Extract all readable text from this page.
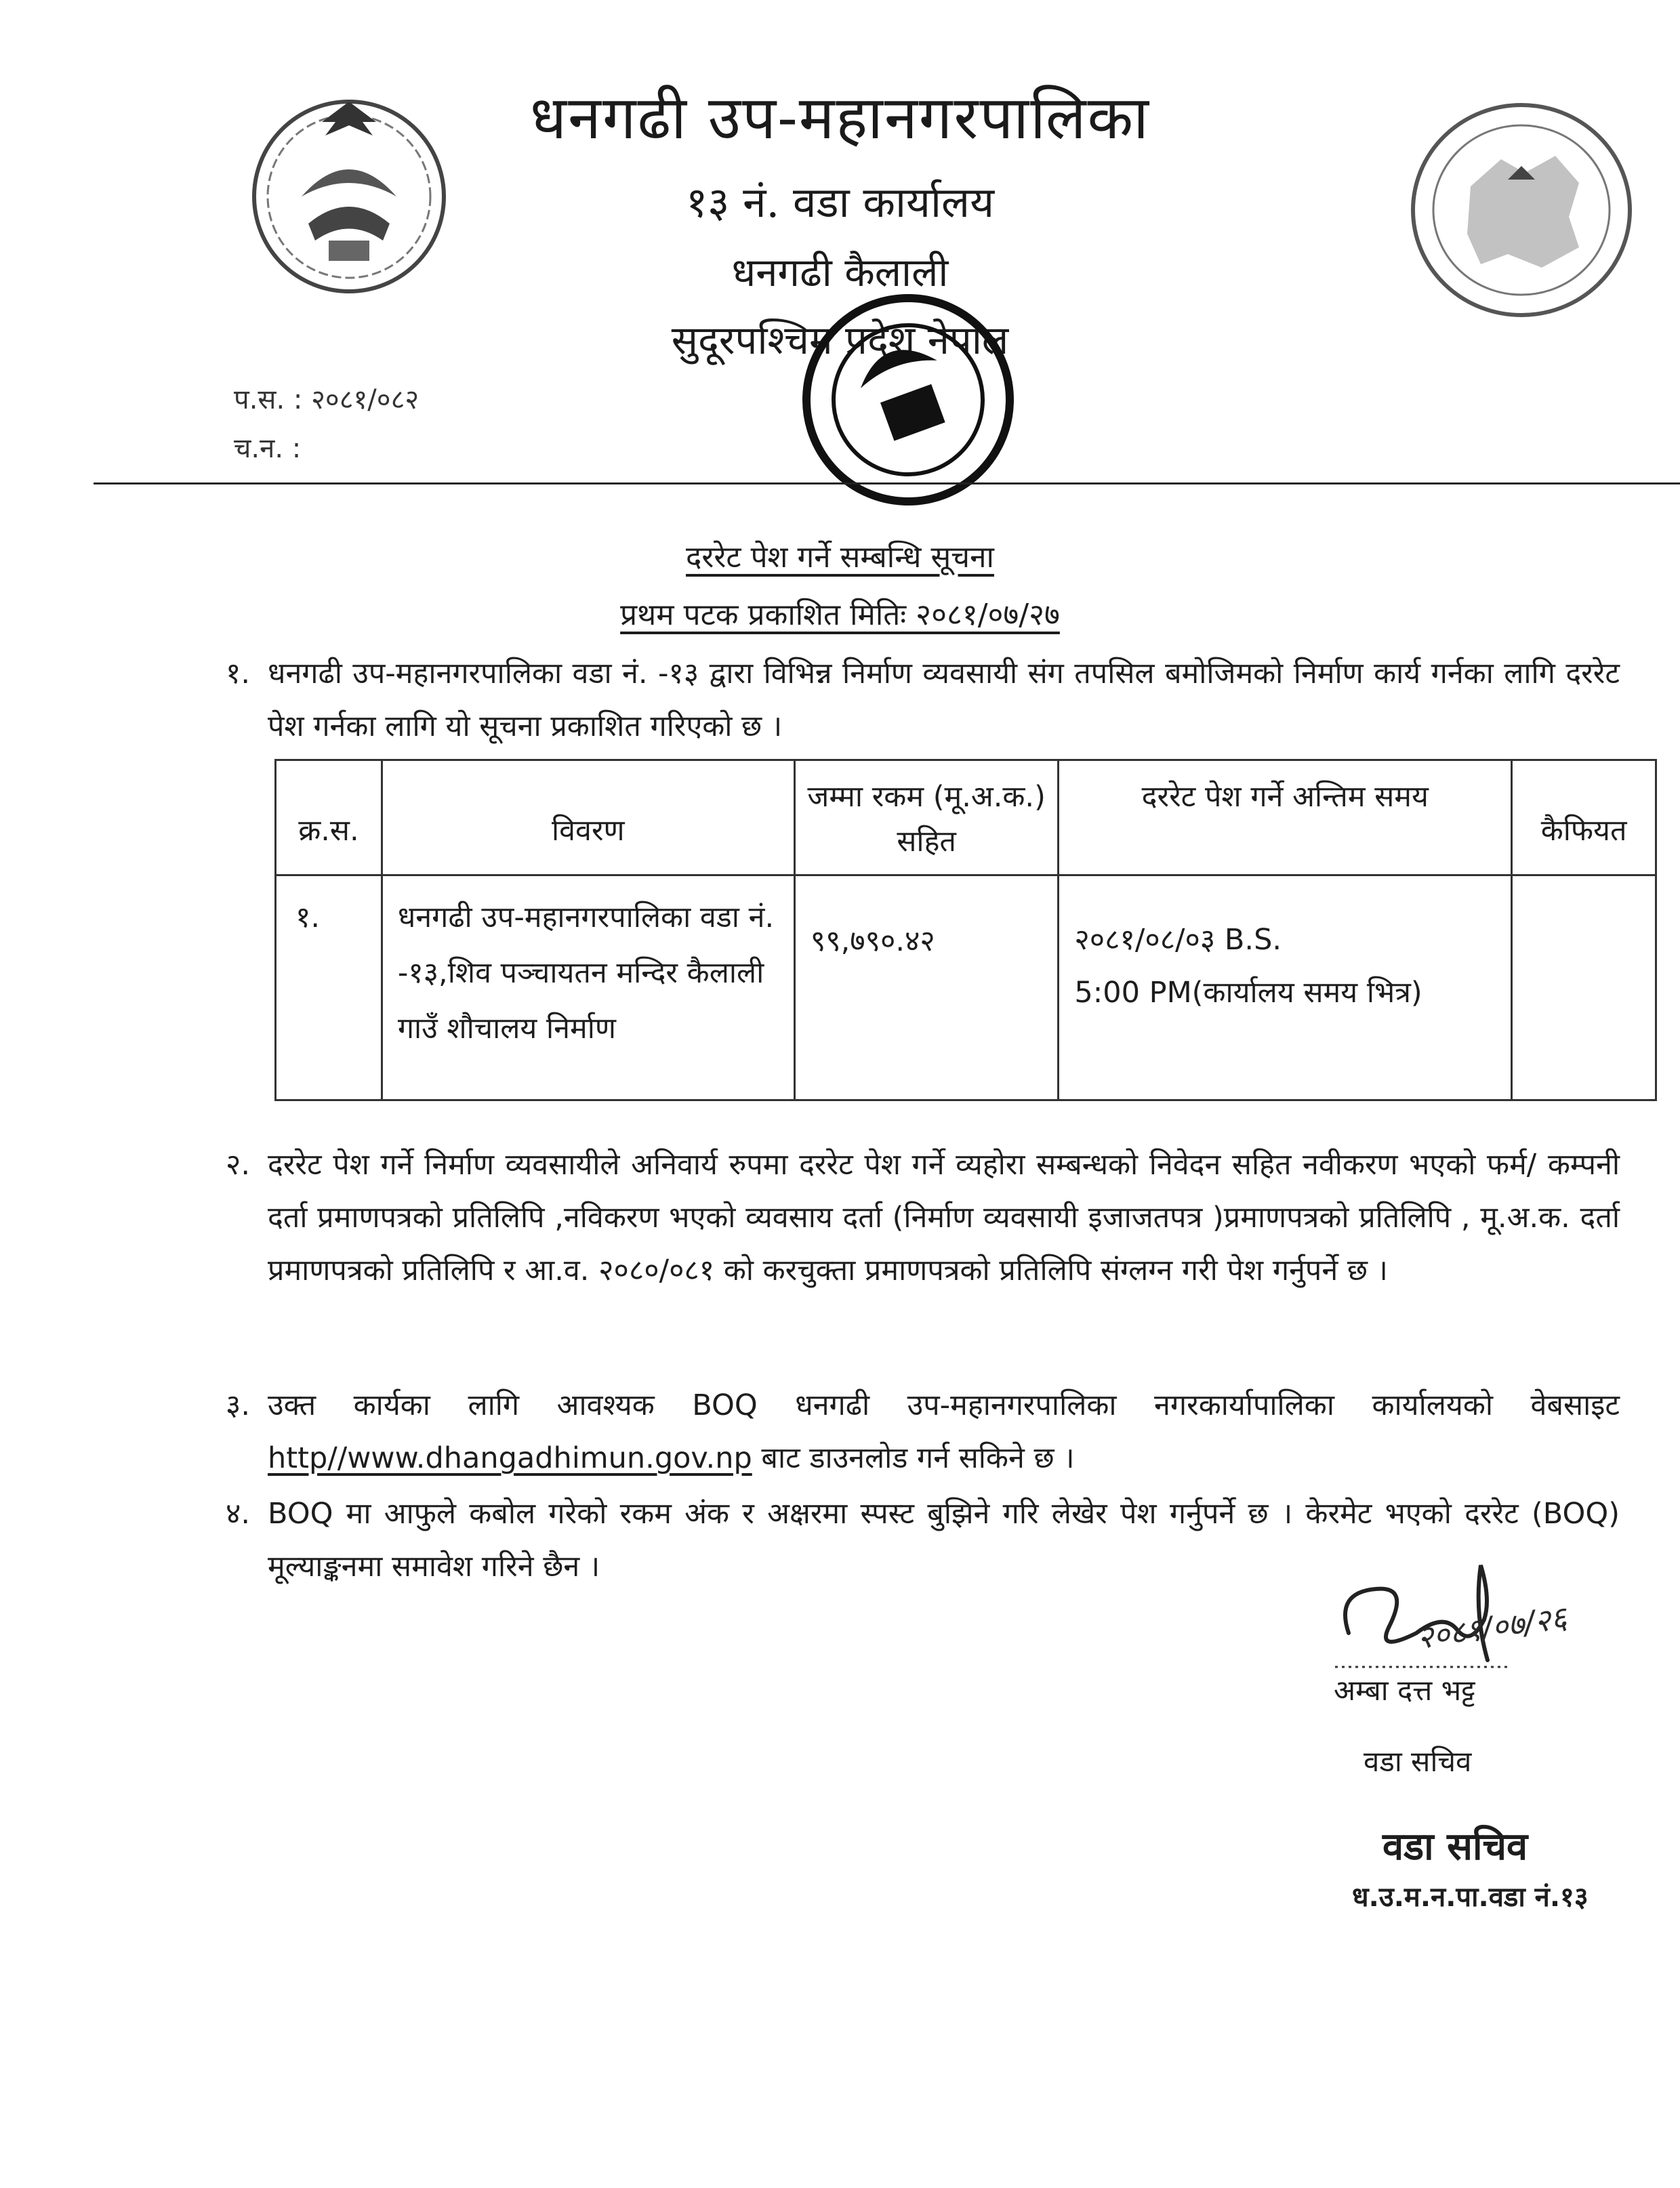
धनगढी उप-महानगरपालिका
१३ नं. वडा कार्यालय
धनगढी कैलाली
सुदूरपश्चिम प्रदेश नेपाल
प.स. : २०८१/०८२
च.न. :
दररेट पेश गर्ने सम्बन्धि सूचना
प्रथम पटक प्रकाशित मितिः २०८१/०७/२७
१. धनगढी उप-महानगरपालिका वडा नं. -१३ द्वारा विभिन्न निर्माण व्यवसायी संग तपसिल बमोजिमको निर्माण कार्य गर्नका लागि दररेट पेश गर्नका लागि यो सूचना प्रकाशित गरिएको छ ।
क्र.स.	विवरण	जम्मा रकम (मू.अ.क.) सहित	दररेट पेश गर्ने अन्तिम समय	कैफियत
१.	धनगढी उप-महानगरपालिका वडा नं. -१३,शिव पञ्चायतन मन्दिर कैलाली गाउँ शौचालय निर्माण	९९,७९०.४२	२०८१/०८/०३ B.S.
5:00 PM(कार्यालय समय भित्र)	

२. दररेट पेश गर्ने निर्माण व्यवसायीले अनिवार्य रुपमा दररेट पेश गर्ने व्यहोरा सम्बन्धको निवेदन सहित नवीकरण भएको फर्म/ कम्पनी दर्ता प्रमाणपत्रको प्रतिलिपि ,नविकरण भएको व्यवसाय दर्ता (निर्माण व्यवसायी इजाजतपत्र )प्रमाणपत्रको प्रतिलिपि , मू.अ.क. दर्ता प्रमाणपत्रको प्रतिलिपि र आ.व. २०८०/०८१ को करचुक्ता प्रमाणपत्रको प्रतिलिपि संग्लग्न गरी पेश गर्नुपर्ने छ ।
३. उक्त कार्यका लागि आवश्यक BOQ धनगढी उप-महानगरपालिका नगरकार्यापालिका कार्यालयको वेबसाइट http//www.dhangadhimun.gov.np बाट डाउनलोड गर्न सकिने छ ।
४. BOQ मा आफुले कबोल गरेको रकम अंक र अक्षरमा स्पस्ट बुझिने गरि लेखेर पेश गर्नुपर्ने छ । केरमेट भएको दररेट (BOQ) मूल्याङ्कनमा समावेश गरिने छैन ।
२०८१/०७/२६
अम्बा दत्त भट्ट
वडा सचिव
वडा सचिव
ध.उ.म.न.पा.वडा नं.१३
